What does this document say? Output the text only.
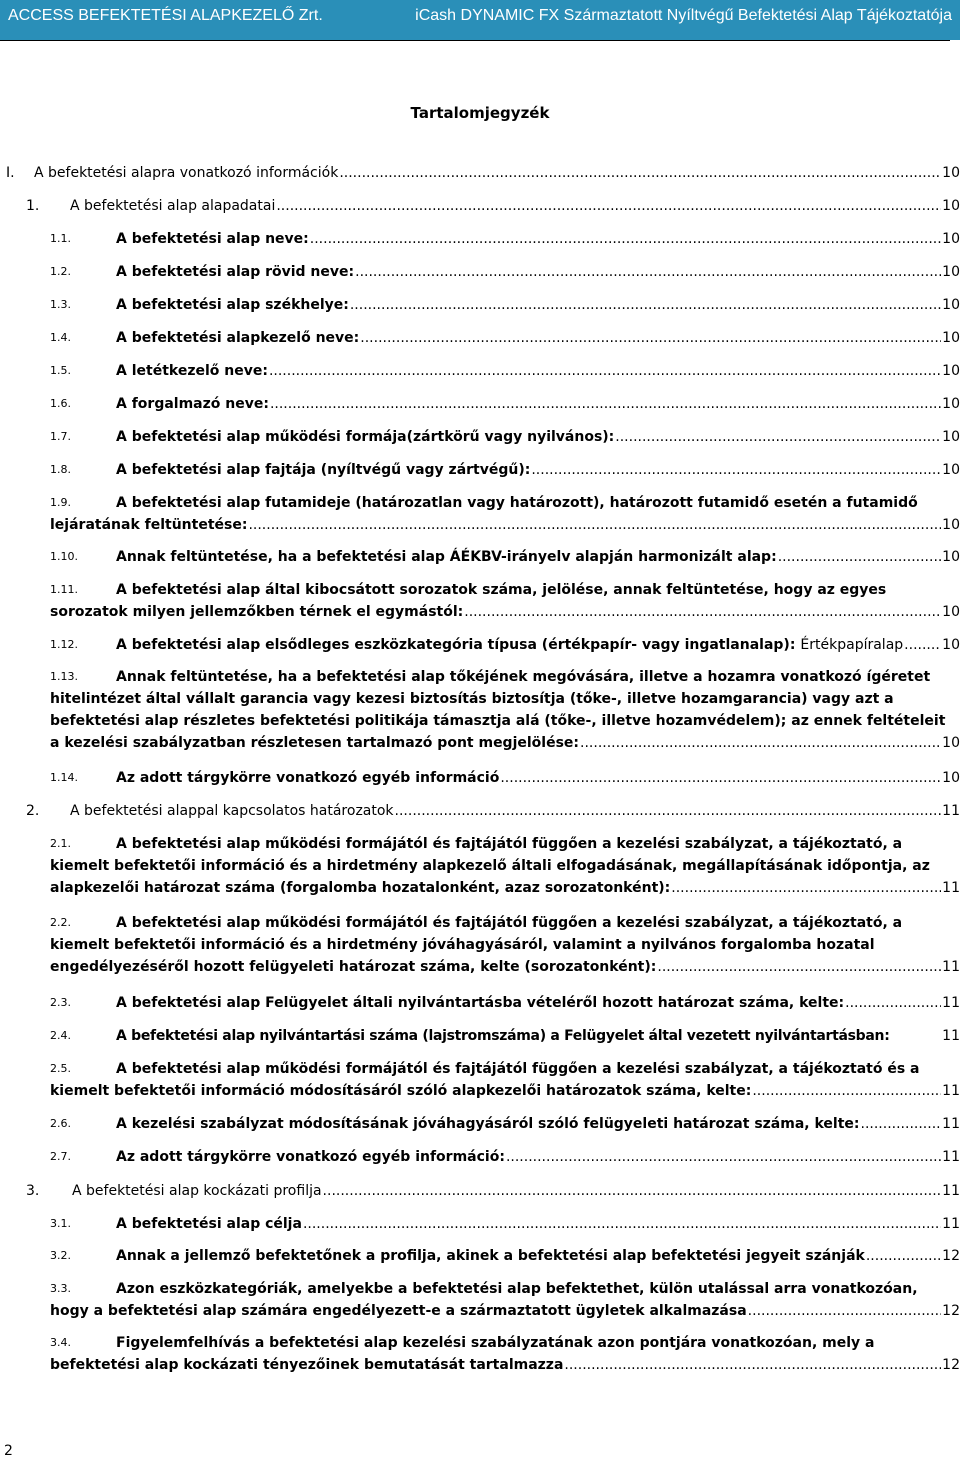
ACCESS BEFEKTETÉSI ALAPKEZELŐ Zrt.	iCash DYNAMIC FX Származtatott Nyíltvégű Befektetési Alap Tájékoztatója
Tartalomjegyzék
I. A befektetési alapra vonatkozó információk .....	10
1. A befektetési alap alapadatai .....	10
1.1.	A befektetési alap neve: .....	10
1.2.	A befektetési alap rövid neve: .....	10
1.3.	A befektetési alap székhelye: .....	10
1.4.	A befektetési alapkezelő neve: .....	10
1.5.	A letétkezelő neve: .....	10
1.6.	A forgalmazó neve: .....	10
1.7.	A befektetési alap működési formája(zártkörű vagy nyilvános): .....	10
1.8.	A befektetési alap fajtája (nyíltvégű vagy zártvégű): .....	10
1.9.	A befektetési alap futamideje (határozatlan vagy határozott), határozott futamidő esetén a futamidő
lejáratának feltüntetése: .....	10
1.10.	Annak feltüntetése, ha a befektetési alap ÁÉKBV-irányelv alapján harmonizált alap: .....	10
1.11.	A befektetési alap által kibocsátott sorozatok száma, jelölése, annak feltüntetése, hogy az egyes
sorozatok milyen jellemzőkben térnek el egymástól: .....	10
1.12.	A befektetési alap elsődleges eszközkategória típusa (értékpapír- vagy ingatlanalap): Értékpapíralap .....	10
1.13.	Annak feltüntetése, ha a befektetési alap tőkéjének megóvására, illetve a hozamra vonatkozó ígéretet
hitelintézet által vállalt garancia vagy kezesi biztosítás biztosítja (tőke-, illetve hozamgarancia) vagy azt a
befektetési alap részletes befektetési politikája támasztja alá (tőke-, illetve hozamvédelem); az ennek feltételeit
a kezelési szabályzatban részletesen tartalmazó pont megjelölése: .....	10
1.14.	Az adott tárgykörre vonatkozó egyéb információ .....	10
2. A befektetési alappal kapcsolatos határozatok .....	11
2.1.	A befektetési alap működési formájától és fajtájától függően a kezelési szabályzat, a tájékoztató, a
kiemelt befektetői információ és a hirdetmény alapkezelő általi elfogadásának, megállapításának időpontja, az
alapkezelői határozat száma (forgalomba hozatalonként, azaz sorozatonként): .....	11
2.2.	A befektetési alap működési formájától és fajtájától függően a kezelési szabályzat, a tájékoztató, a
kiemelt befektetői információ és a hirdetmény jóváhagyásáról, valamint a nyilvános forgalomba hozatal
engedélyezéséről hozott felügyeleti határozat száma, kelte (sorozatonként): .....	11
2.3.	A befektetési alap Felügyelet általi nyilvántartásba vételéről hozott határozat száma, kelte: .....	11
2.4.	A befektetési alap nyilvántartási száma (lajstromszáma) a Felügyelet által vezetett nyilvántartásban:	11
2.5.	A befektetési alap működési formájától és fajtájától függően a kezelési szabályzat, a tájékoztató és a
kiemelt befektetői információ módosításáról szóló alapkezelői határozatok száma, kelte: .....	11
2.6.	A kezelési szabályzat módosításának jóváhagyásáról szóló felügyeleti határozat száma, kelte: .....	11
2.7.	Az adott tárgykörre vonatkozó egyéb információ: .....	11
3. A befektetési alap kockázati profilja .....	11
3.1.	A befektetési alap célja .....	11
3.2.	Annak a jellemző befektetőnek a profilja, akinek a befektetési alap befektetési jegyeit szánják .....	12
3.3.	Azon eszközkategóriák, amelyekbe a befektetési alap befektethet, külön utalással arra vonatkozóan,
hogy a befektetési alap számára engedélyezett-e a származtatott ügyletek alkalmazása .....	12
3.4.	Figyelemfelhívás a befektetési alap kezelési szabályzatának azon pontjára vonatkozóan, mely a
befektetési alap kockázati tényezőinek bemutatását tartalmazza .....	12
2
